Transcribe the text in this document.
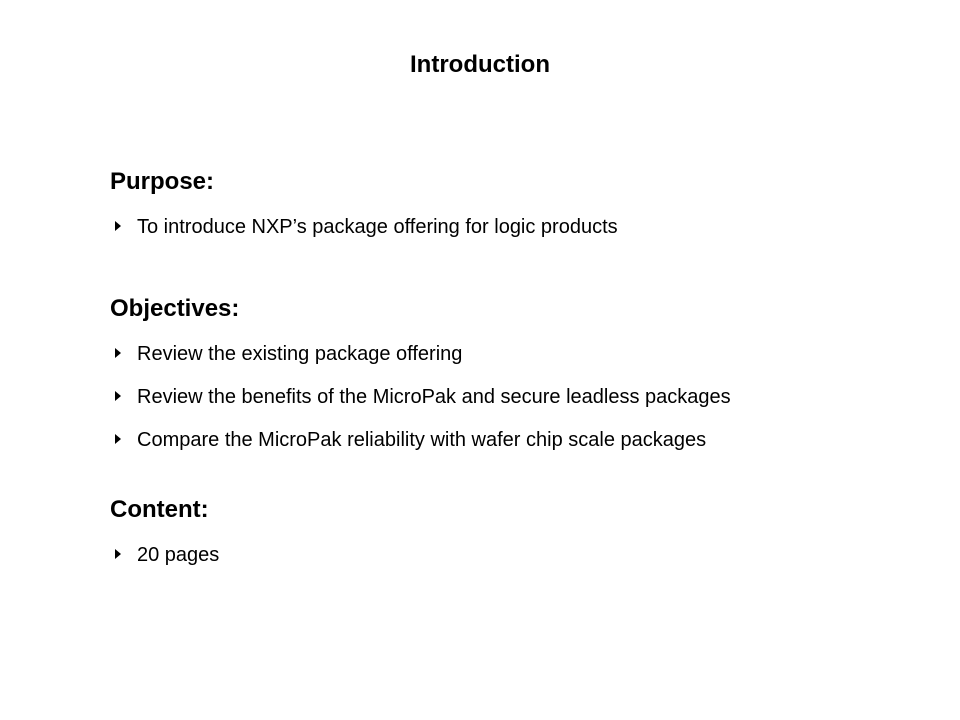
Introduction
Purpose:
To introduce NXP’s package offering for logic products
Objectives:
Review the existing package offering
Review the benefits of the MicroPak and secure leadless packages
Compare the MicroPak reliability with wafer chip scale packages
Content:
20 pages
